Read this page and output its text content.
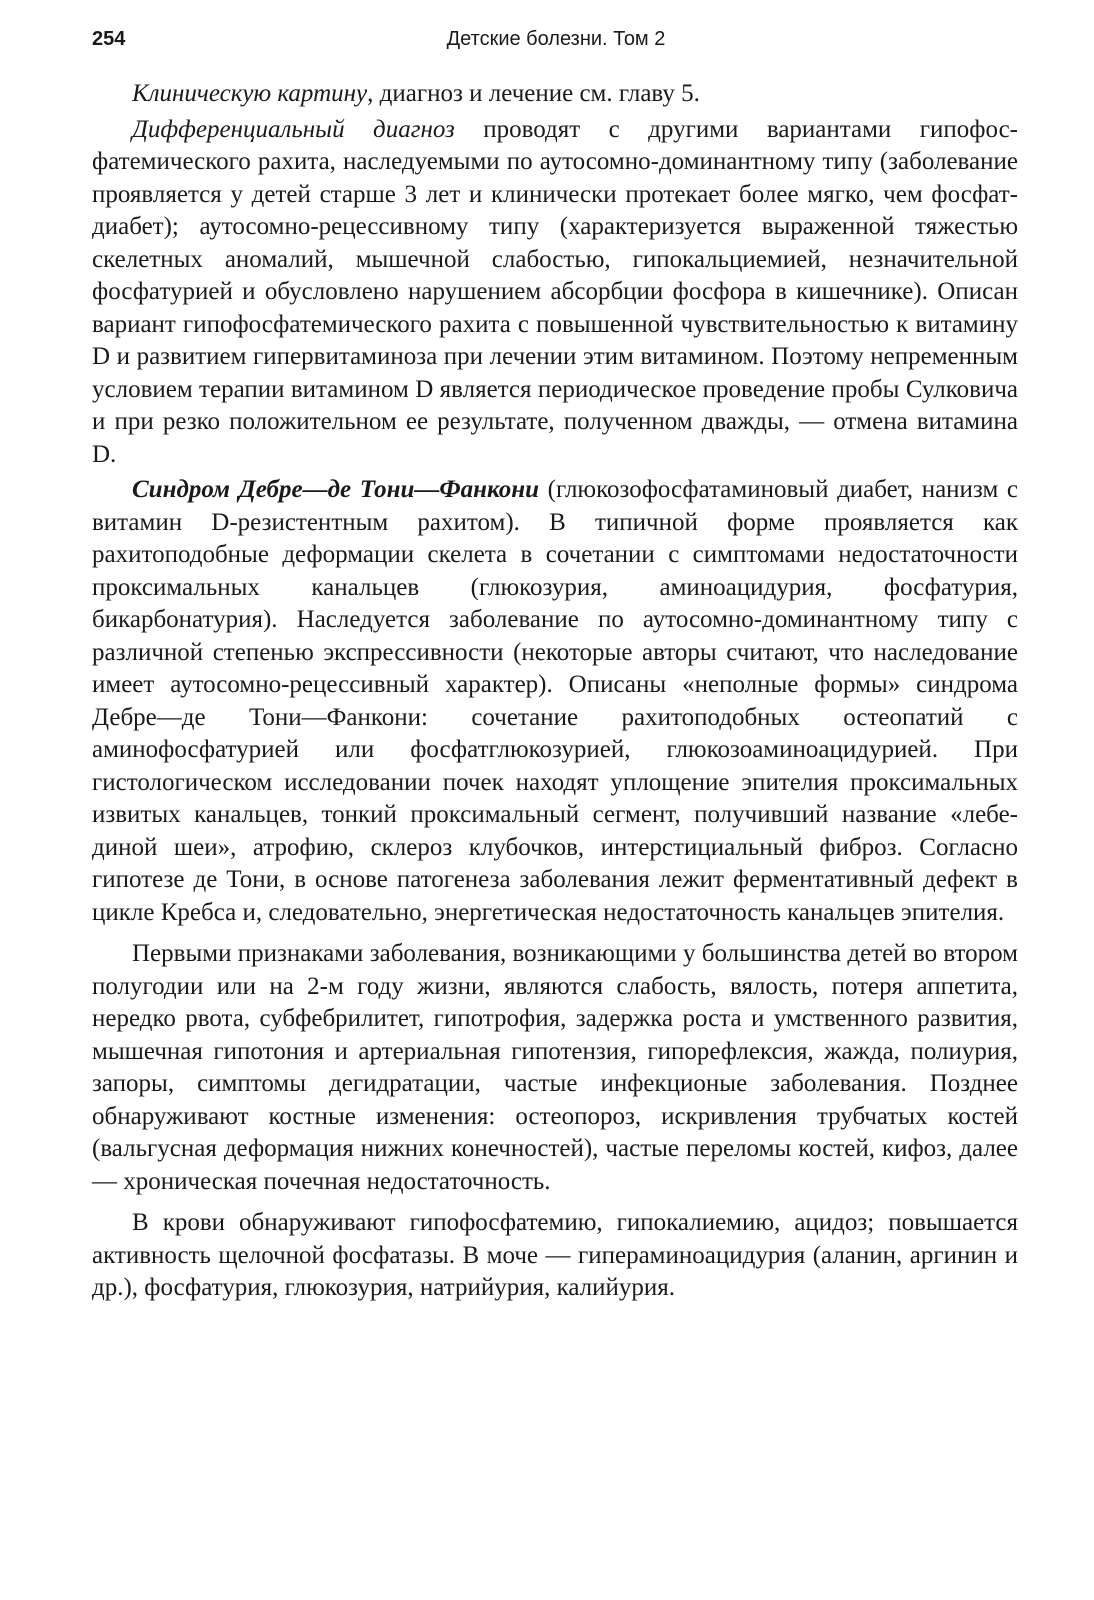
254	Детские болезни. Том 2

Клиническую картину, диагноз и лечение см. главу 5.

Дифференциальный диагноз проводят с другими вариантами гипофосфатемического рахита, наследуемыми по аутосомно-доминантному типу (заболевание проявляется у детей старше 3 лет и клинически протекает более мягко, чем фосфат-диабет); аутосомно-рецессивному типу (характеризуется выраженной тяжестью скелетных аномалий, мышечной слабостью, гипокальциемией, незначительной фосфатурией и обусловлено нарушением абсорбции фосфора в кишечнике). Описан вариант гипофосфатемического рахита с повышенной чувствительностью к витамину D и развитием гипервитаминоза при лечении этим витамином. Поэтому непременным условием терапии витамином D является периодическое проведение пробы Сулковича и при резко положительном ее результате, полученном дважды, — отмена витамина D.

Синдром Дебре—де Тони—Фанкони (глюкозофосфатаминовый диабет, нанизм с витамин D-резистентным рахитом). В типичной форме проявляется как рахитоподобные деформации скелета в сочетании с симптомами недостаточности проксимальных канальцев (глюкозурия, аминоацидурия, фосфатурия, бикарбонатурия). Наследуется заболевание по аутосомно-доминантному типу с различной степенью экспрессивности (некоторые авторы считают, что наследование имеет аутосомно-рецессивный характер). Описаны «неполные формы» синдрома Дебре—де Тони—Фанкони: сочетание рахитоподобных остеопатий с аминофосфатурией или фосфатглюкозурией, глюкозоаминоацидурией. При гистологическом исследовании почек находят уплощение эпителия проксимальных извитых канальцев, тонкий проксимальный сегмент, получивший название «лебединой шеи», атрофию, склероз клубочков, интерстициальный фиброз. Согласно гипотезе де Тони, в основе патогенеза заболевания лежит ферментативный дефект в цикле Кребса и, следовательно, энергетическая недостаточность канальцев эпителия.

Первыми признаками заболевания, возникающими у большинства детей во втором полугодии или на 2-м году жизни, являются слабость, вялость, потеря аппетита, нередко рвота, субфебрилитет, гипотрофия, задержка роста и умственного развития, мышечная гипотония и артериальная гипотензия, гипорефлексия, жажда, полиурия, запоры, симптомы дегидратации, частые инфекционые заболевания. Позднее обнаруживают костные изменения: остеопороз, искривления трубчатых костей (вальгусная деформация нижних конечностей), частые переломы костей, кифоз, далее — хроническая почечная недостаточность.

В крови обнаруживают гипофосфатемию, гипокалиемию, ацидоз; повышается активность щелочной фосфатазы. В моче — гипераминоацидурия (аланин, аргинин и др.), фосфатурия, глюкозурия, натрийурия, калийурия.
